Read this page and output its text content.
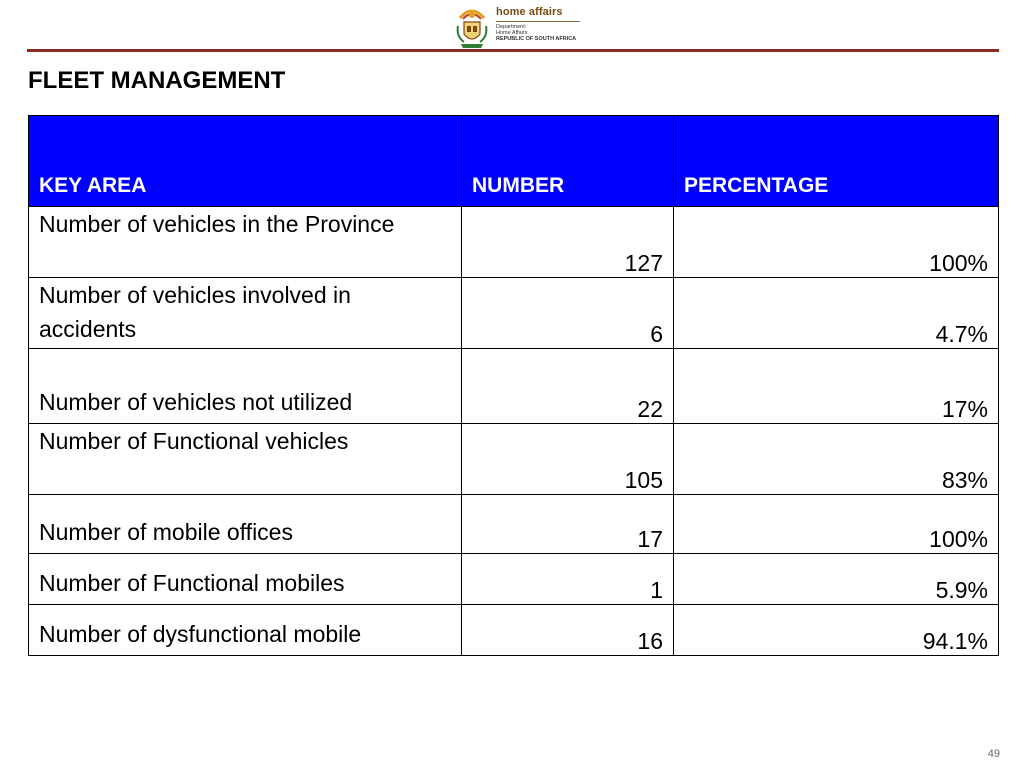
home affairs
Department:
Home Affairs
REPUBLIC OF SOUTH AFRICA
FLEET MANAGEMENT
KEY AREA	NUMBER	PERCENTAGE
Number of vehicles in the Province	127	100%
Number of vehicles involved in accidents	6	4.7%
Number of vehicles not utilized	22	17%
Number of Functional vehicles	105	83%
Number of mobile offices	17	100%
Number of Functional mobiles	1	5.9%
Number of dysfunctional mobile	16	94.1%
49
